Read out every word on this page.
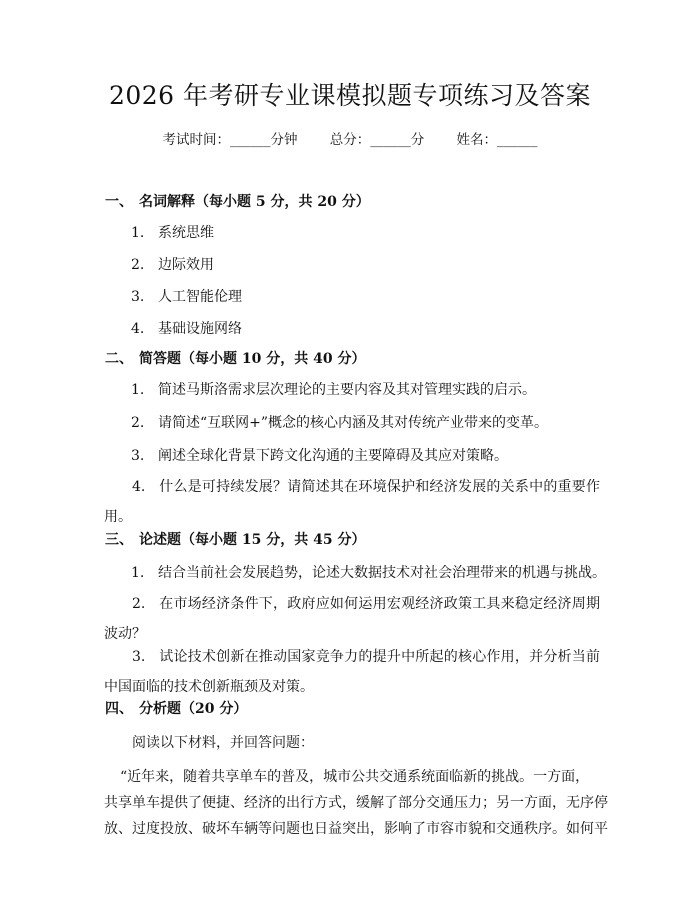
2026 年考研专业课模拟题专项练习及答案
考试时间：______分钟 总分：______分 姓名：______
一、 名词解释（每小题 5 分，共 20 分）
1. 系统思维
2. 边际效用
3. 人工智能伦理
4. 基础设施网络
二、 简答题（每小题 10 分，共 40 分）
1. 简述马斯洛需求层次理论的主要内容及其对管理实践的启示。
2. 请简述“互联网+”概念的核心内涵及其对传统产业带来的变革。
3. 阐述全球化背景下跨文化沟通的主要障碍及其应对策略。
4. 什么是可持续发展？请简述其在环境保护和经济发展的关系中的重要作用。
三、 论述题（每小题 15 分，共 45 分）
1. 结合当前社会发展趋势，论述大数据技术对社会治理带来的机遇与挑战。
2. 在市场经济条件下，政府应如何运用宏观经济政策工具来稳定经济周期波动？
3. 试论技术创新在推动国家竞争力的提升中所起的核心作用，并分析当前中国面临的技术创新瓶颈及对策。
四、 分析题（20 分）
阅读以下材料，并回答问题：
“近年来，随着共享单车的普及，城市公共交通系统面临新的挑战。一方面，
共享单车提供了便捷、经济的出行方式，缓解了部分交通压力；另一方面，无序停
放、过度投放、破坏车辆等问题也日益突出，影响了市容市貌和交通秩序。如何平
